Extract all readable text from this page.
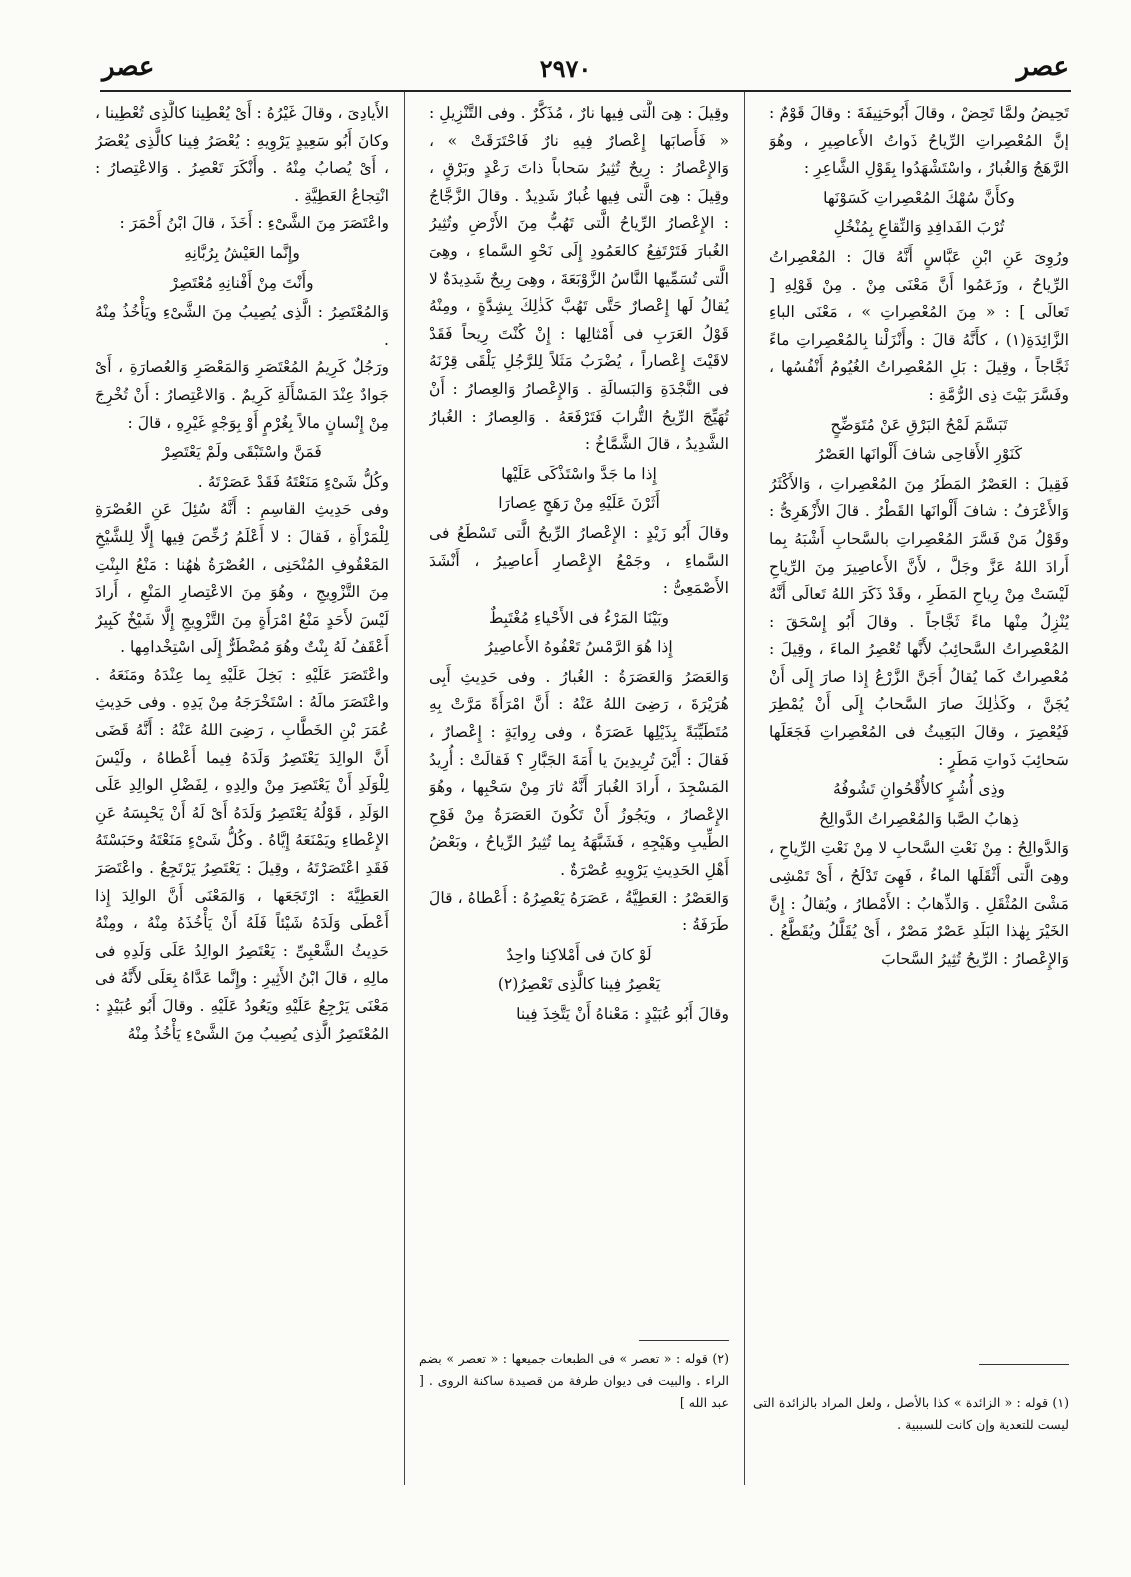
عصر
٢٩٧٠
عصر

تَحِيضُ ولمَّا تَحِضْ ، وقالَ أَبُوحَنِيفَةَ : وقالَ قَوْمٌ : إنَّ المُعْصِراتِ الرِّياحُ ذَواتُ الأَعاصِيرِ ، وهُوَ الرَّهَجُ وَالغُبارُ ، واسْتَشْهَدُوا بِقَوْلِ الشَّاعِرِ :

وكأَنَّ سُهْكَ المُعْصِراتِ كَسَوْنَها

تُرْبَ الفَدافِدِ وَالنِّقاعِ بِمُنْخُلِ

ورُوِىَ عَنِ ابْنِ عَبَّاسٍ أَنَّهُ قالَ : المُعْصِراتُ الرِّياحُ ، وزَعَمُوا أَنَّ مَعْنَى مِنْ . مِنْ قَوْلِهِ [ تَعالَى ] : « مِنَ المُعْصِراتِ » ، مَعْنَى الباءِ الزَّائِدَةِ(١) ، كأَنَّهُ قالَ : وأَنْزَلْنا بِالمُعْصِراتِ ماءً ثَجَّاجاً ، وقِيلَ : بَلِ المُعْصِراتُ الغُيُومُ أَنْفُسُها ، وفَسَّرَ بَيْتَ ذِى الرُّمَّةِ :

تَبَسَّمَ لَمْحُ البَرْقِ عَنْ مُتَوَضِّحٍ

كَنَوْرِ الأَقاحِى شافَ أَلْوانَها العَصْرُ

فَقِيلَ : العَصْرُ المَطَرُ مِنَ المُعْصِراتِ ، وَالأَكْثَرُ وَالأَعْرَفُ : شافَ أَلْوانَها القَطْرُ . قالَ الأَزْهَرِىُّ : وقَوْلُ مَنْ فَسَّرَ المُعْصِراتِ بالسَّحابِ أَشْبَهُ بِما أَرادَ اللهُ عَزَّ وجَلَّ ، لأَنَّ الأَعاصِيرَ مِنَ الرِّياحِ لَيْسَتْ مِنْ رِياحِ المَطَرِ ، وقَدْ ذَكَرَ اللهُ تَعالَى أَنَّهُ يُنْزِلُ مِنْها ماءً ثَجَّاجاً . وقالَ أَبُو إِسْحَقَ : المُعْصِراتُ السَّحائِبُ لأَنَّها تُعْصِرُ الماءَ ، وقِيلَ : مُعْصِراتٌ كَما يُقالُ أَجَنَّ الزَّرْعُ إِذا صارَ إِلَى أَنْ يُجَنَّ ، وكَذٰلِكَ صارَ السَّحابُ إِلَى أَنْ يُمْطِرَ فَيُعْصِرَ ، وقالَ البَعِيثُ فى المُعْصِراتِ فَجَعَلَها سَحائِبَ ذَواتِ مَطَرٍ :

وذِى أُشُرٍ كالأُقْحُوانِ تَشُوفُهُ

ذِهابُ الصَّبا وَالمُعْصِراتُ الدَّوالِحُ

وَالدَّوالِحُ : مِنْ نَعْتِ السَّحابِ لا مِنْ نَعْتِ الرِّياحِ ، وهِىَ الَّتى أَثْقَلَها الماءُ ، فَهِىَ تَدْلَحُ ، أَىْ تَمْشِى مَشْىَ المُثْقَلِ . وَالذِّهابُ : الأَمْطارُ ، ويُقالُ : إِنَّ الخَيْرَ بِهٰذا البَلَدِ عَصْرٌ مَصْرٌ ، أَىْ يُقَلَّلُ ويُقَطَّعُ . وَالإِعْصارُ : الرِّيحُ تُثِيرُ السَّحابَ

وقِيلَ : هِىَ الَّتى فِيها نارٌ ، مُذَكَّرٌ . وفى التَّنْزِيلِ : « فَأَصابَها إِعْصارٌ فِيهِ نارٌ فَاحْتَرَقَتْ » ، وَالإِعْصارُ : رِيحٌ تُثِيرُ سَحاباً ذاتَ رَعْدٍ وبَرْقٍ ، وقِيلَ : هِىَ الَّتى فِيها غُبارٌ شَدِيدٌ . وقالَ الزَّجَّاجُ : الإِعْصارُ الرِّياحُ الَّتى تَهُبُّ مِنَ الأَرْضِ وتُثِيرُ الغُبارَ فَتَرْتَفِعُ كالعَمُودِ إِلَى نَحْوِ السَّماءِ ، وهِىَ الَّتى تُسَمِّيها النَّاسُ الزَّوْبَعَةَ ، وهِىَ رِيحٌ شَدِيدَةٌ لا يُقالُ لَها إِعْصارٌ حَتَّى تَهُبَّ كَذٰلِكَ بِشِدَّةٍ ، ومِنْهُ قَوْلُ العَرَبِ فى أَمْثالِها : إِنْ كُنْتَ رِيحاً فَقَدْ لاقَيْتَ إِعْصاراً ، يُضْرَبُ مَثَلاً لِلرَّجُلِ يَلْقَى قِرْنَهُ فى النَّجْدَةِ وَالبَسالَةِ . وَالإِعْصارُ وَالعِصارُ : أَنْ تُهَيِّجَ الرِّيحُ التُّرابَ فَتَرْفَعَهُ . وَالعِصارُ : الغُبارُ الشَّدِيدُ ، قالَ الشَّمَّاخُ :

إِذا ما جَدَّ واسْتَذْكَى عَلَيْها

أَثَرْنَ عَلَيْهِ مِنْ رَهَجٍ عِصارَا

وقالَ أَبُو زَيْدٍ : الإِعْصارُ الرِّيحُ الَّتى تَسْطَعُ فى السَّماءِ ، وجَمْعُ الإِعْصارِ أَعاصِيرُ ، أَنْشَدَ الأَصْمَعِىُّ :

وبَيْنَا المَرْءُ فى الأَحْياءِ مُغْتَبِطٌ

إِذا هُوَ الرَّمْسُ تَعْفُوهُ الأَعاصِيرُ

وَالعَصَرُ وَالعَصَرَةُ : الغُبارُ . وفى حَدِيثِ أَبِى هُرَيْرَةَ ، رَضِىَ اللهُ عَنْهُ : أَنَّ امْرَأَةً مَرَّتْ بِهِ مُتَطَيِّبَةً بِذَيْلِها عَصَرَةٌ ، وفى رِوايَةٍ : إِعْصارٌ ، فَقالَ : أَيْنَ تُرِيدِينَ يا أَمَةَ الجَبَّارِ ؟ فَقالَتْ : أُرِيدُ المَسْجِدَ ، أَرادَ الغُبارَ أَنَّهُ ثارَ مِنْ سَحْبِها ، وهُوَ الإِعْصارُ ، ويَجُوزُ أَنْ تَكُونَ العَصَرَةُ مِنْ فَوْحِ الطِّيبِ وهَيْجِهِ ، فَشَبَّهَهُ بِما تُثِيرُ الرِّياحُ ، وبَعْضُ أَهْلِ الحَدِيثِ يَرْوِيهِ عُصْرَةٌ .

وَالعَصْرُ : العَطِيَّةُ ، عَصَرَهُ يَعْصِرُهُ : أَعْطاهُ ، قالَ طَرَفَةُ :

لَوْ كانَ فى أَمْلاكِنا واحِدٌ

يَعْصِرُ فِينا كالَّذِى تَعْصِرُ(٢)

وقالَ أَبُو عُبَيْدٍ : مَعْناهُ أَنْ يَتَّخِذَ فِينا

الأَيادِىَ ، وقالَ غَيْرُهُ : أَىْ يُعْطِينا كالَّذِى تُعْطِينا ، وكانَ أَبُو سَعِيدٍ يَرْوِيهِ : يُعْصَرُ فِينا كالَّذِى يُعْصَرُ ، أَىْ يُصابُ مِنْهُ . وأَنْكَرَ تَعْصِرُ . وَالاعْتِصارُ : انْتِجاعُ العَطِيَّةِ .

واعْتَصَرَ مِنَ الشَّىْءِ : أَخَذَ ، قالَ ابْنُ أَحْمَرَ :

وإِنَّما العَيْشُ بِرُبَّانِهِ

وأَنْتَ مِنْ أَفْنانِهِ مُعْتَصِرْ

وَالمُعْتَصِرُ : الَّذِى يُصِيبُ مِنَ الشَّىْءِ ويَأْخُذُ مِنْهُ .

ورَجُلٌ كَرِيمُ المُعْتَصَرِ وَالمَعْصَرِ وَالعُصارَةِ ، أَىْ جَوادٌ عِنْدَ المَسْأَلَةِ كَرِيمٌ . وَالاعْتِصارُ : أَنْ تُخْرِجَ مِنْ إِنْسانٍ مالاً بِغُرْمٍ أَوْ بِوَجْهٍ غَيْرِهِ ، قالَ :

فَمَنَّ واسْتَبْقَى ولَمْ يَعْتَصِرْ

وكُلُّ شَىْءٍ مَنَعْتَهُ فَقَدْ عَصَرْتَهُ .

وفى حَدِيثِ القاسِمِ : أَنَّهُ سُئِلَ عَنِ العُصْرَةِ لِلْمَرْأَةِ ، فَقالَ : لا أَعْلَمُ رُخِّصَ فِيها إِلَّا لِلشَّيْخِ المَعْقُوفِ المُنْحَنِى ، العُصْرَةُ هٰهُنا : مَنْعُ البِنْتِ مِنَ التَّزْوِيجِ ، وهُوَ مِنَ الاعْتِصارِ المَنْعِ ، أَرادَ لَيْسَ لأَحَدٍ مَنْعُ امْرَأَةٍ مِنَ التَّزْوِيجِ إِلَّا شَيْخٌ كَبِيرٌ أَعْقَفُ لَهُ بِنْتٌ وهُوَ مُضْطَرٌّ إِلَى اسْتِخْدامِها .

واعْتَصَرَ عَلَيْهِ : بَخِلَ عَلَيْهِ بِما عِنْدَهُ ومَنَعَهُ . واعْتَصَرَ مالَهُ : اسْتَخْرَجَهُ مِنْ يَدِهِ . وفى حَدِيثِ عُمَرَ بْنِ الخَطَّابِ ، رَضِىَ اللهُ عَنْهُ : أَنَّهُ قَضَى أَنَّ الوالِدَ يَعْتَصِرُ وَلَدَهُ فِيما أَعْطاهُ ، ولَيْسَ لِلْوَلَدِ أَنْ يَعْتَصِرَ مِنْ والِدِهِ ، لِفَضْلِ الوالِدِ عَلَى الوَلَدِ ، قَوْلُهُ يَعْتَصِرُ وَلَدَهُ أَىْ لَهُ أَنْ يَحْبِسَهُ عَنِ الإِعْطاءِ ويَمْنَعَهُ إِيَّاهُ . وكُلُّ شَىْءٍ مَنَعْتَهُ وحَبَسْتَهُ فَقَدِ اعْتَصَرْتَهُ ، وقِيلَ : يَعْتَصِرُ يَرْتَجِعُ . واعْتَصَرَ العَطِيَّةَ : ارْتَجَعَها ، وَالمَعْنَى أَنَّ الوالِدَ إِذا أَعْطَى وَلَدَهُ شَيْئاً فَلَهُ أَنْ يَأْخُذَهُ مِنْهُ ، ومِنْهُ حَدِيثُ الشَّعْبِىِّ : يَعْتَصِرُ الوالِدُ عَلَى وَلَدِهِ فى مالِهِ ، قالَ ابْنُ الأَثِيرِ : وإِنَّما عَدَّاهُ بِعَلَى لأَنَّهُ فى مَعْنَى يَرْجِعُ عَلَيْهِ ويَعُودُ عَلَيْهِ . وقالَ أَبُو عُبَيْدٍ : المُعْتَصِرُ الَّذِى يُصِيبُ مِنَ الشَّىْءِ يَأْخُذُ مِنْهُ

(١) قوله : « الزائدة » كذا بالأصل ، ولعل المراد بالزائدة التى ليست للتعدية وإن كانت للسببية .
(٢) قوله : « تعصر » فى الطبعات جميعها : « تعصر » بضم الراء . والبيت فى ديوان طرفة من قصيدة ساكنة الروى . [ عبد الله ]
